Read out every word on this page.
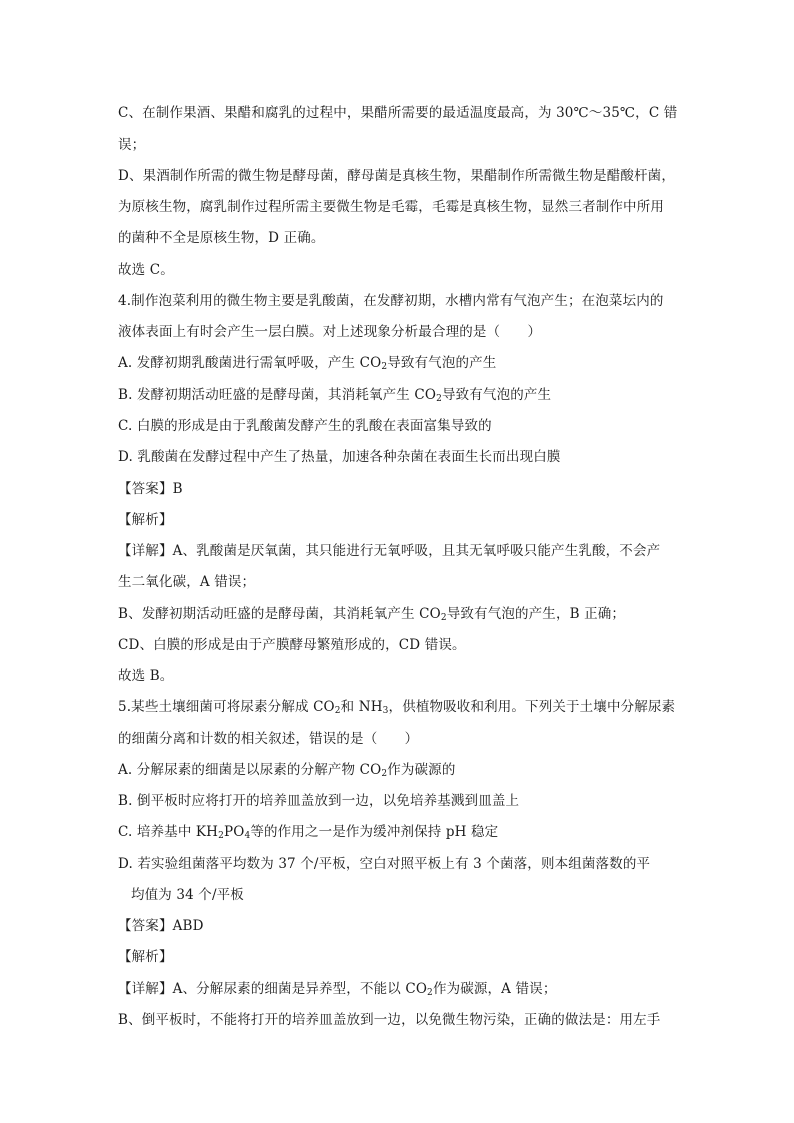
C、在制作果酒、果醋和腐乳的过程中，果醋所需要的最适温度最高，为 30℃～35℃，C 错
误；
D、果酒制作所需的微生物是酵母菌，酵母菌是真核生物，果醋制作所需微生物是醋酸杆菌，
为原核生物，腐乳制作过程所需主要微生物是毛霉，毛霉是真核生物，显然三者制作中所用
的菌种不全是原核生物，D 正确。
故选 C。
4.制作泡菜利用的微生物主要是乳酸菌，在发酵初期，水槽内常有气泡产生；在泡菜坛内的
液体表面上有时会产生一层白膜。对上述现象分析最合理的是（　　）
A. 发酵初期乳酸菌进行需氧呼吸，产生 $CO_2$导致有气泡的产生
B. 发酵初期活动旺盛的是酵母菌，其消耗氧产生 $CO_2$导致有气泡的产生
C. 白膜的形成是由于乳酸菌发酵产生的乳酸在表面富集导致的
D. 乳酸菌在发酵过程中产生了热量，加速各种杂菌在表面生长而出现白膜
【答案】B
【解析】
【详解】A、乳酸菌是厌氧菌，其只能进行无氧呼吸，且其无氧呼吸只能产生乳酸，不会产
生二氧化碳，A 错误；
B、发酵初期活动旺盛的是酵母菌，其消耗氧产生 $CO_2$导致有气泡的产生，B 正确；
CD、白膜的形成是由于产膜酵母繁殖形成的，CD 错误。
故选 B。
5.某些土壤细菌可将尿素分解成 $CO_2$和 $NH_3$，供植物吸收和利用。下列关于土壤中分解尿素
的细菌分离和计数的相关叙述，错误的是（　　）
A. 分解尿素的细菌是以尿素的分解产物 $CO_2$作为碳源的
B. 倒平板时应将打开的培养皿盖放到一边，以免培养基溅到皿盖上
C. 培养基中 $KH_2PO_4$等的作用之一是作为缓冲剂保持 pH 稳定
D. 若实验组菌落平均数为 37 个/平板，空白对照平板上有 3 个菌落，则本组菌落数的平
均值为 34 个/平板
【答案】ABD
【解析】
【详解】A、分解尿素的细菌是异养型，不能以 $CO_2$作为碳源，A 错误；
B、倒平板时，不能将打开的培养皿盖放到一边，以免微生物污染，正确的做法是：用左手
